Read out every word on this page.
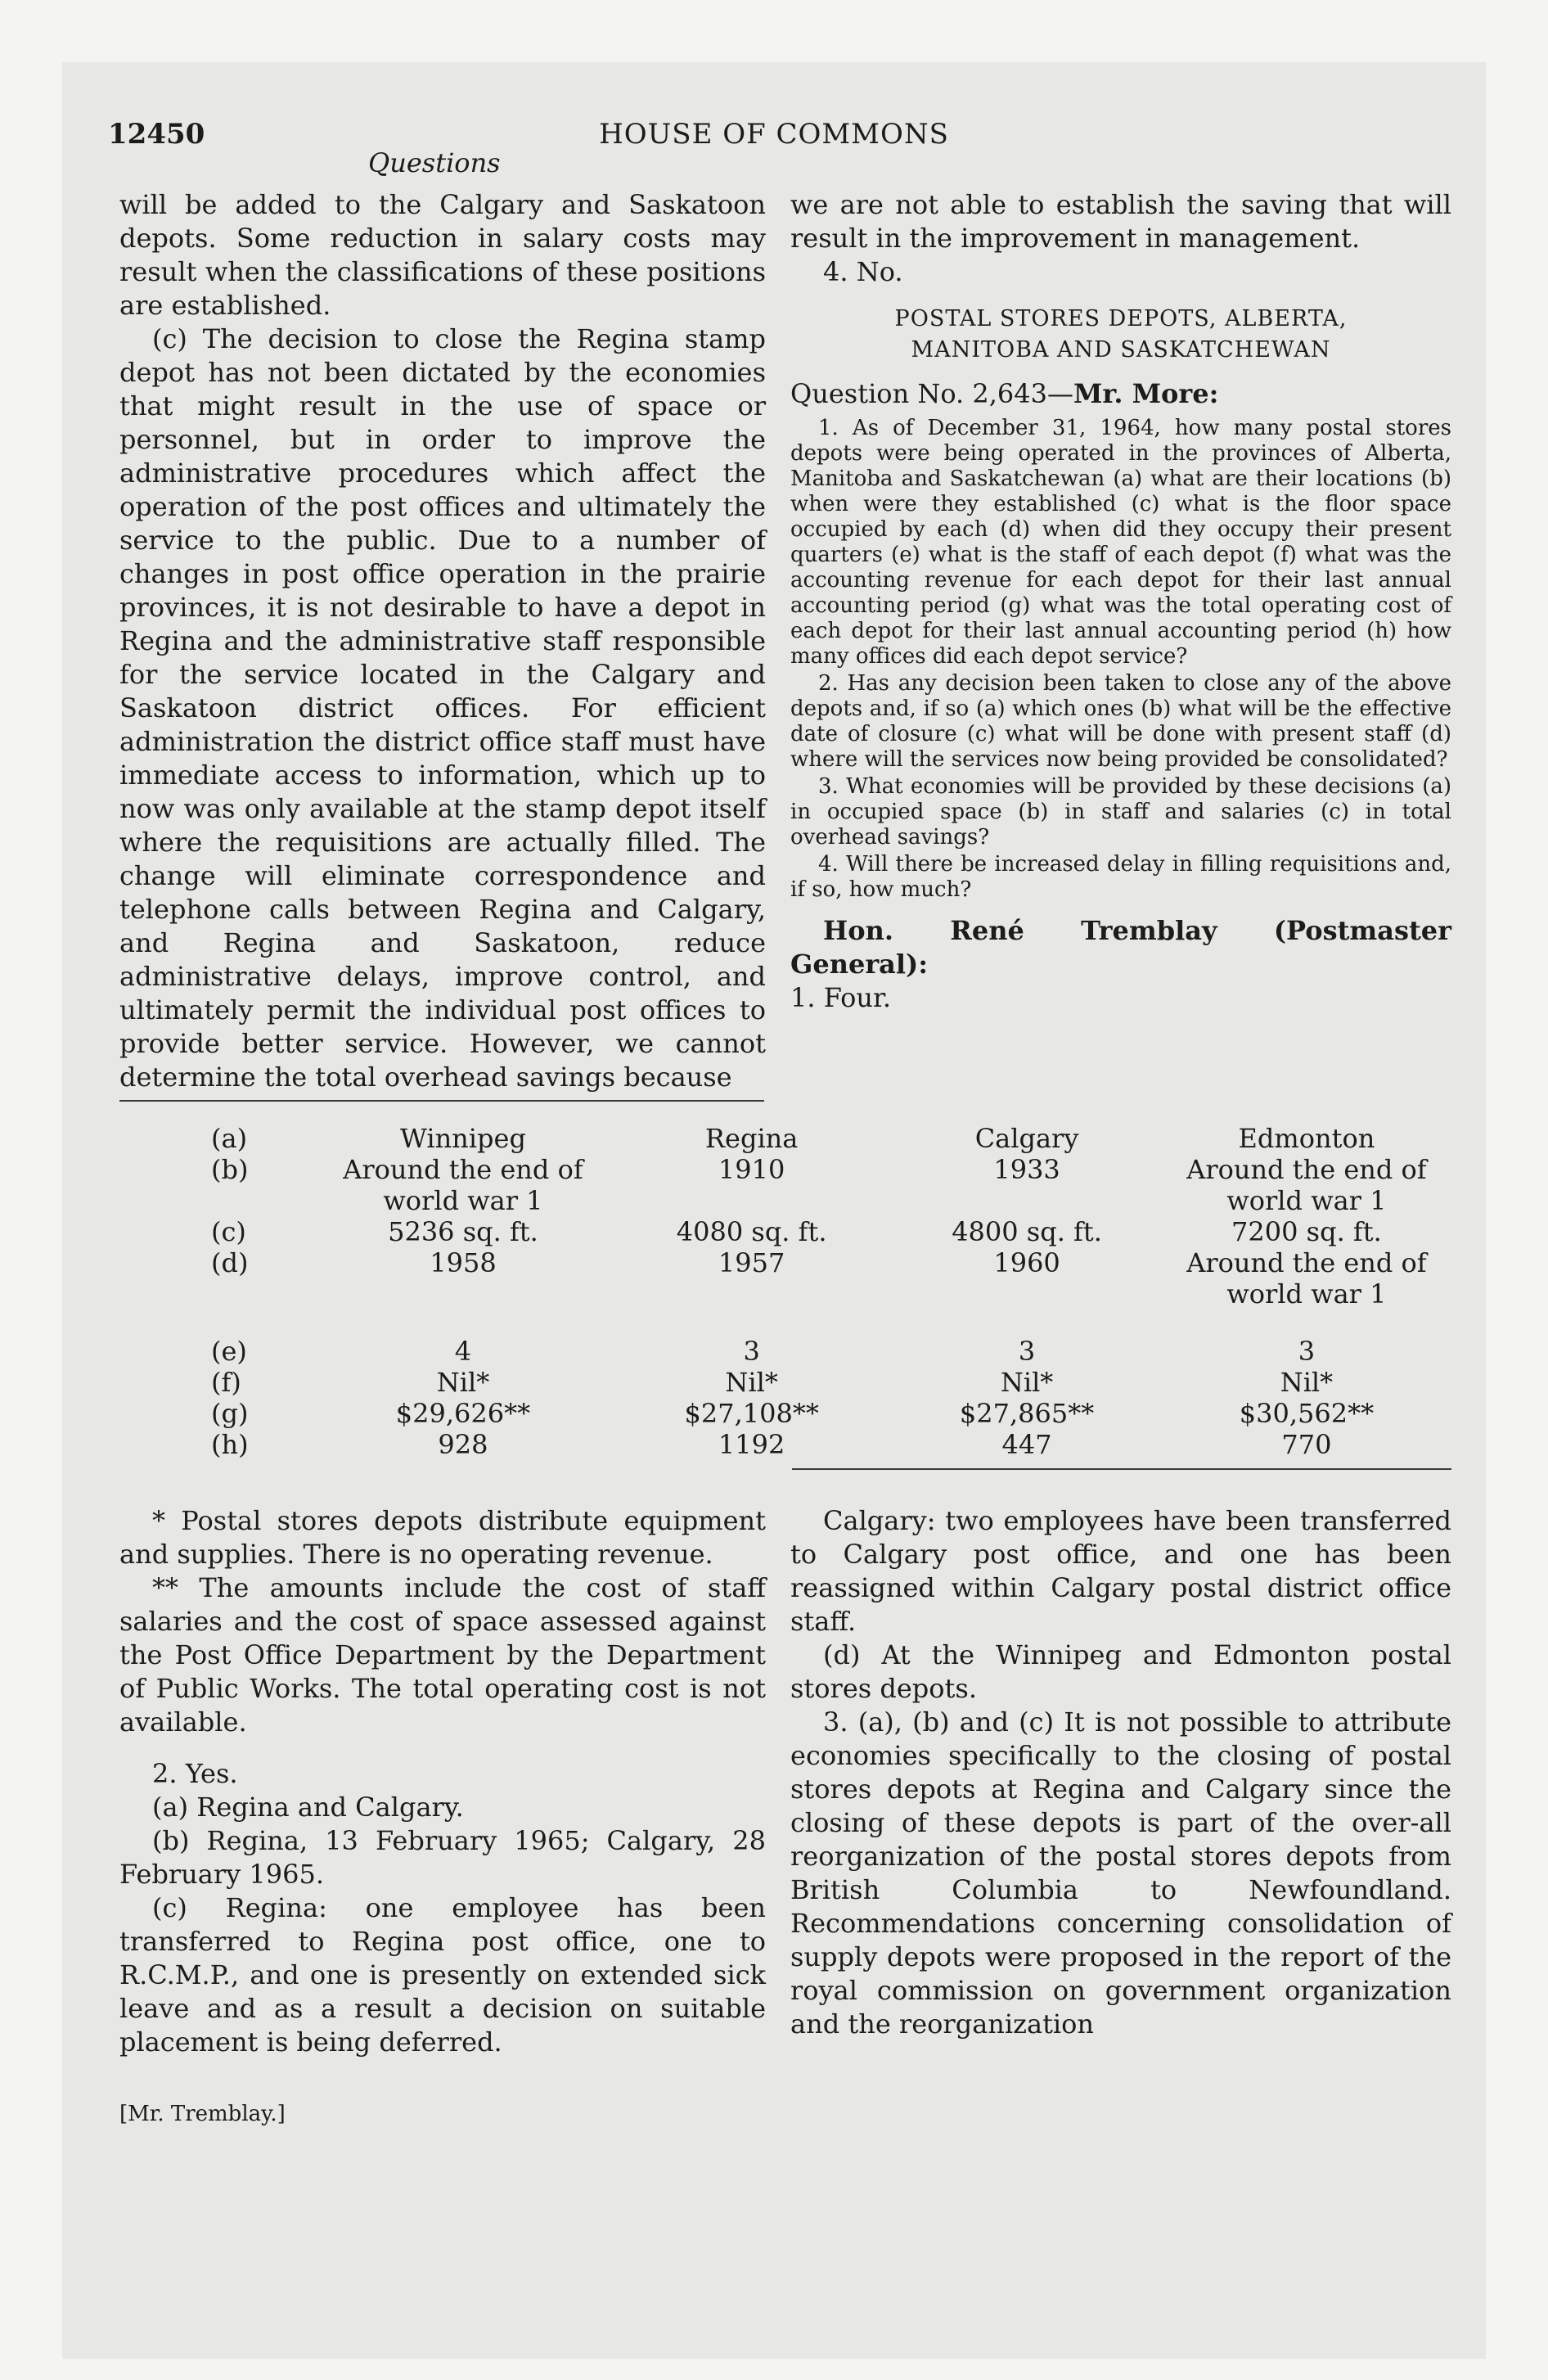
12450	HOUSE OF COMMONS
Questions

will be added to the Calgary and Saskatoon depots. Some reduction in salary costs may result when the classifications of these positions are established.

(c) The decision to close the Regina stamp depot has not been dictated by the economies that might result in the use of space or personnel, but in order to improve the administrative procedures which affect the operation of the post offices and ultimately the service to the public. Due to a number of changes in post office operation in the prairie provinces, it is not desirable to have a depot in Regina and the administrative staff responsible for the service located in the Calgary and Saskatoon district offices. For efficient administration the district office staff must have immediate access to information, which up to now was only available at the stamp depot itself where the requisitions are actually filled. The change will eliminate correspondence and telephone calls between Regina and Calgary, and Regina and Saskatoon, reduce administrative delays, improve control, and ultimately permit the individual post offices to provide better service. However, we cannot determine the total overhead savings because

we are not able to establish the saving that will result in the improvement in management.

4. No.

POSTAL STORES DEPOTS, ALBERTA,
MANITOBA AND SASKATCHEWAN

Question No. 2,643—Mr. More:

1. As of December 31, 1964, how many postal stores depots were being operated in the provinces of Alberta, Manitoba and Saskatchewan (a) what are their locations (b) when were they established (c) what is the floor space occupied by each (d) when did they occupy their present quarters (e) what is the staff of each depot (f) what was the accounting revenue for each depot for their last annual accounting period (g) what was the total operating cost of each depot for their last annual accounting period (h) how many offices did each depot service?

2. Has any decision been taken to close any of the above depots and, if so (a) which ones (b) what will be the effective date of closure (c) what will be done with present staff (d) where will the services now being provided be consolidated?

3. What economies will be provided by these decisions (a) in occupied space (b) in staff and salaries (c) in total overhead savings?

4. Will there be increased delay in filling requisitions and, if so, how much?

Hon. René Tremblay (Postmaster General):

1. Four.

(a)	Winnipeg	Regina	Calgary	Edmonton
(b)	Around the end of world war 1	1910	1933	Around the end of world war 1
(c)	5236 sq. ft.	4080 sq. ft.	4800 sq. ft.	7200 sq. ft.
(d)	1958	1957	1960	Around the end of world war 1

(e)	4	3	3	3
(f)	Nil*	Nil*	Nil*	Nil*
(g)	$29,626**	$27,108**	$27,865**	$30,562**
(h)	928	1192	447	770

* Postal stores depots distribute equipment and supplies. There is no operating revenue.

** The amounts include the cost of staff salaries and the cost of space assessed against the Post Office Department by the Department of Public Works. The total operating cost is not available.

2. Yes.

(a) Regina and Calgary.

(b) Regina, 13 February 1965; Calgary, 28 February 1965.

(c) Regina: one employee has been transferred to Regina post office, one to R.C.M.P., and one is presently on extended sick leave and as a result a decision on suitable placement is being deferred.

Calgary: two employees have been transferred to Calgary post office, and one has been reassigned within Calgary postal district office staff.

(d) At the Winnipeg and Edmonton postal stores depots.

3. (a), (b) and (c) It is not possible to attribute economies specifically to the closing of postal stores depots at Regina and Calgary since the closing of these depots is part of the over-all reorganization of the postal stores depots from British Columbia to Newfoundland. Recommendations concerning consolidation of supply depots were proposed in the report of the royal commission on government organization and the reorganization

[Mr. Tremblay.]
